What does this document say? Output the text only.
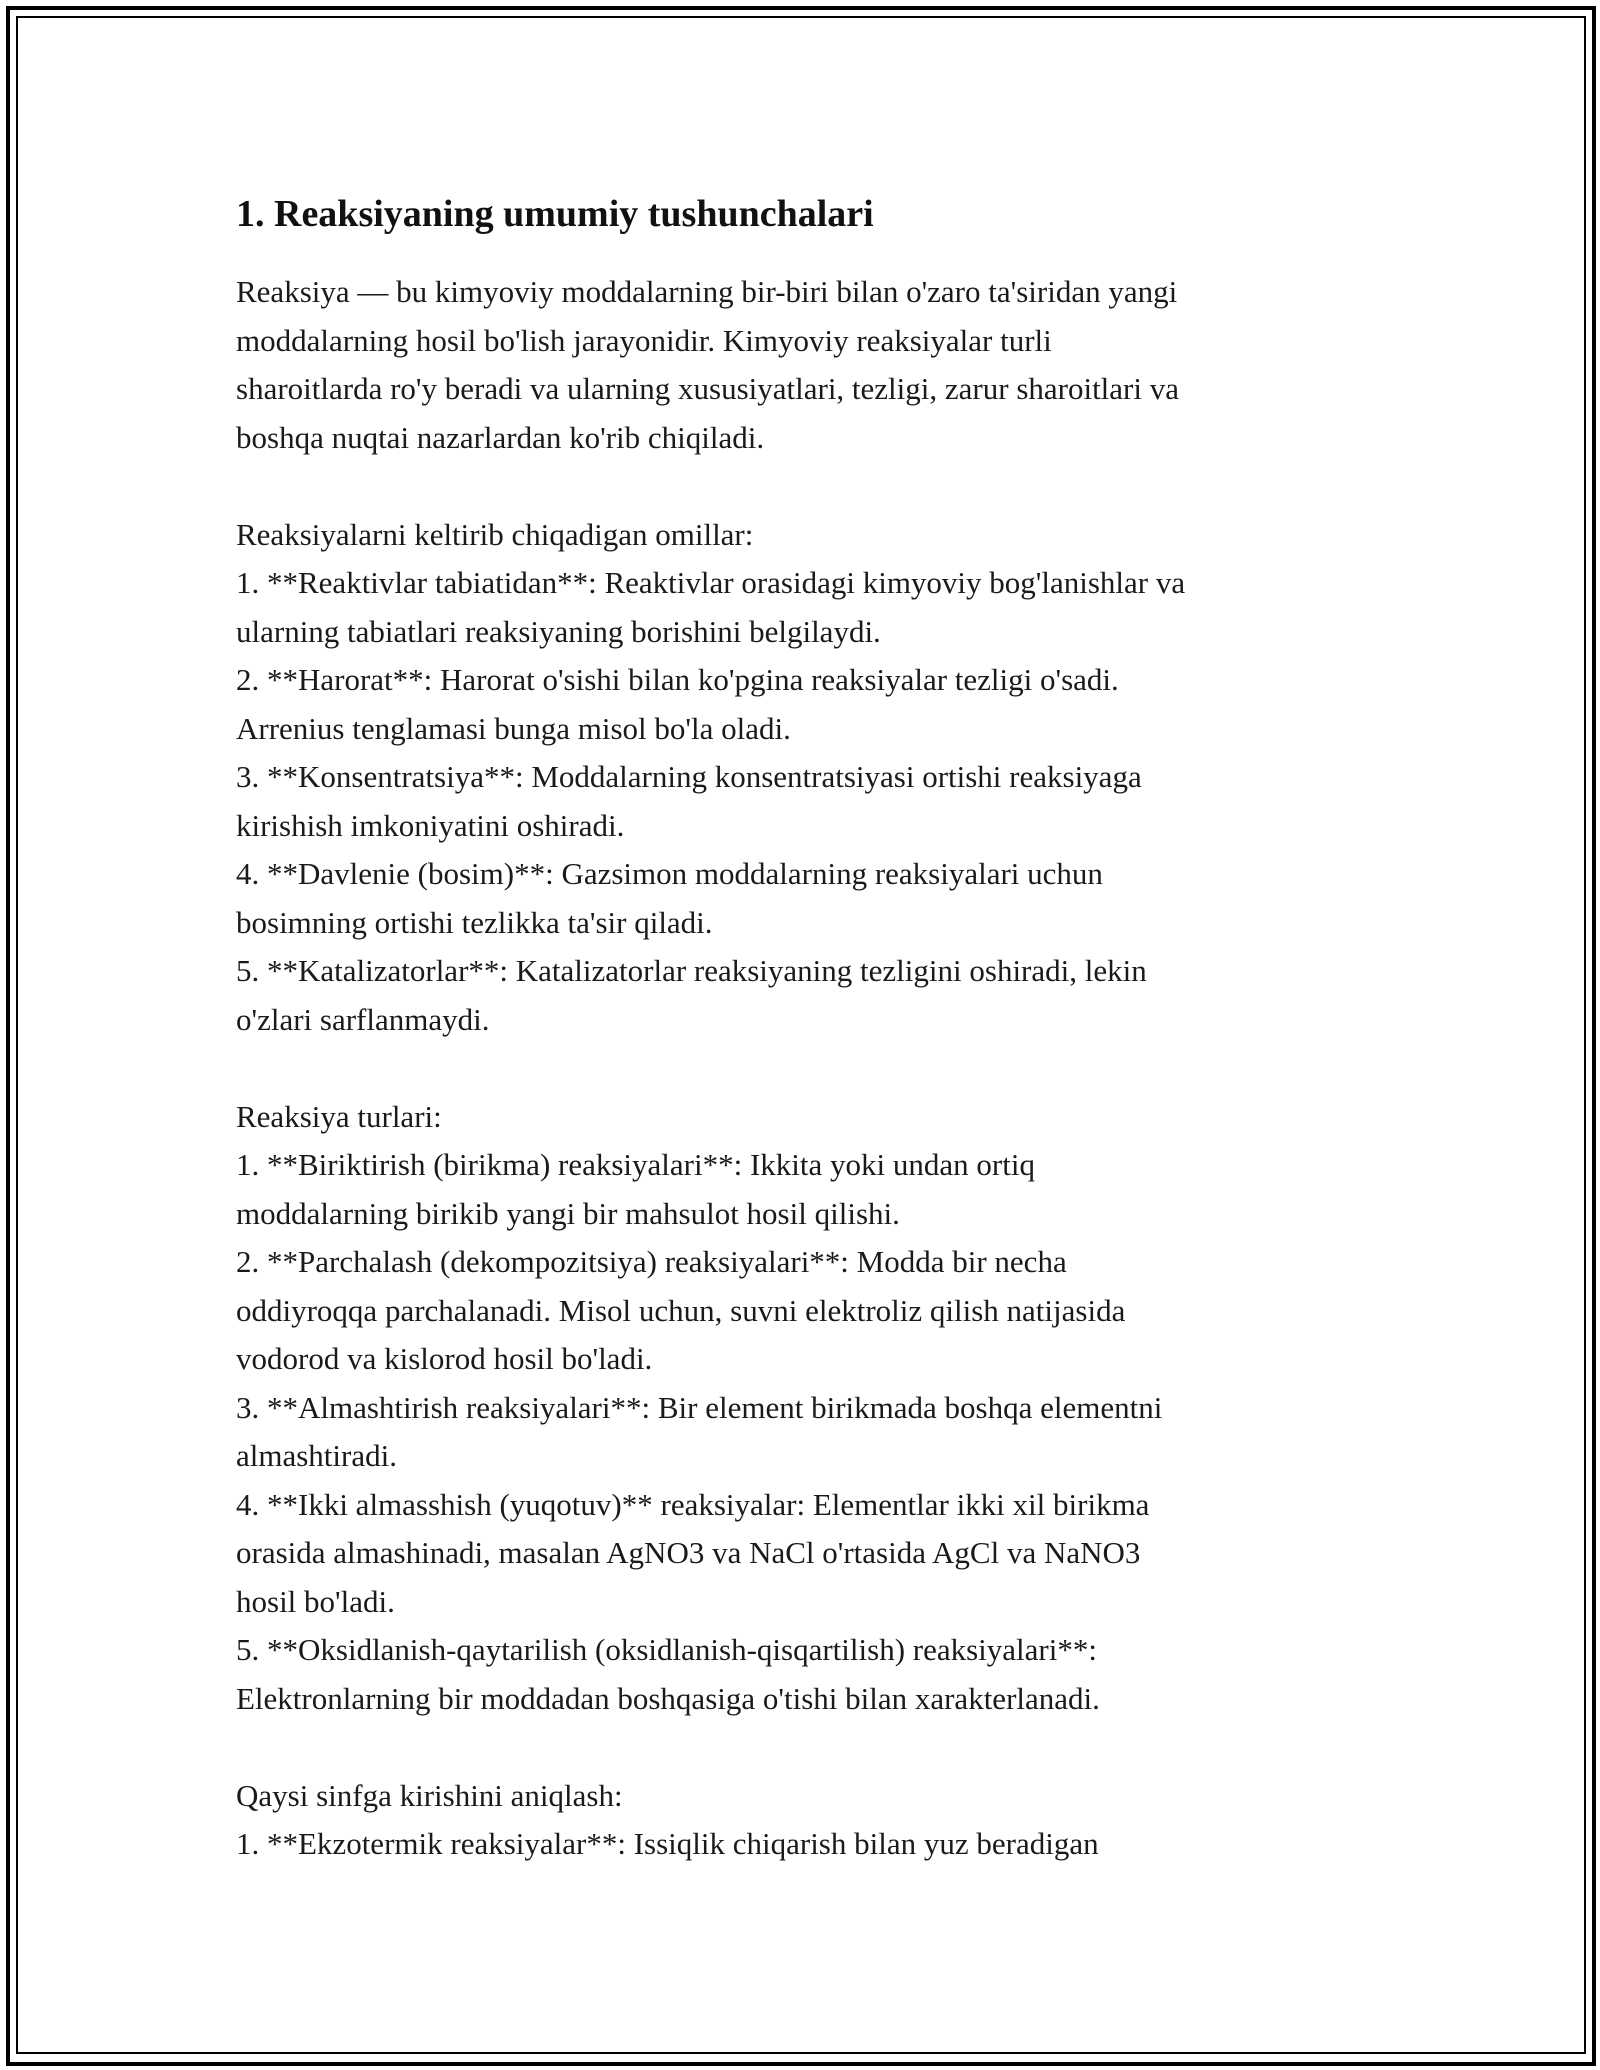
1. Reaksiyaning umumiy tushunchalari
Reaksiya — bu kimyoviy moddalarning bir-biri bilan o'zaro ta'siridan yangi
moddalarning hosil bo'lish jarayonidir. Kimyoviy reaksiyalar turli
sharoitlarda ro'y beradi va ularning xususiyatlari, tezligi, zarur sharoitlari va
boshqa nuqtai nazarlardan ko'rib chiqiladi.
Reaksiyalarni keltirib chiqadigan omillar:
1. **Reaktivlar tabiatidan**: Reaktivlar orasidagi kimyoviy bog'lanishlar va
ularning tabiatlari reaksiyaning borishini belgilaydi.
2. **Harorat**: Harorat o'sishi bilan ko'pgina reaksiyalar tezligi o'sadi.
Arrenius tenglamasi bunga misol bo'la oladi.
3. **Konsentratsiya**: Moddalarning konsentratsiyasi ortishi reaksiyaga
kirishish imkoniyatini oshiradi.
4. **Davlenie (bosim)**: Gazsimon moddalarning reaksiyalari uchun
bosimning ortishi tezlikka ta'sir qiladi.
5. **Katalizatorlar**: Katalizatorlar reaksiyaning tezligini oshiradi, lekin
o'zlari sarflanmaydi.
Reaksiya turlari:
1. **Biriktirish (birikma) reaksiyalari**: Ikkita yoki undan ortiq
moddalarning birikib yangi bir mahsulot hosil qilishi.
2. **Parchalash (dekompozitsiya) reaksiyalari**: Modda bir necha
oddiyroqqa parchalanadi. Misol uchun, suvni elektroliz qilish natijasida
vodorod va kislorod hosil bo'ladi.
3. **Almashtirish reaksiyalari**: Bir element birikmada boshqa elementni
almashtiradi.
4. **Ikki almasshish (yuqotuv)** reaksiyalar: Elementlar ikki xil birikma
orasida almashinadi, masalan AgNO3 va NaCl o'rtasida AgCl va NaNO3
hosil bo'ladi.
5. **Oksidlanish-qaytarilish (oksidlanish-qisqartilish) reaksiyalari**:
Elektronlarning bir moddadan boshqasiga o'tishi bilan xarakterlanadi.
Qaysi sinfga kirishini aniqlash:
1. **Ekzotermik reaksiyalar**: Issiqlik chiqarish bilan yuz beradigan
